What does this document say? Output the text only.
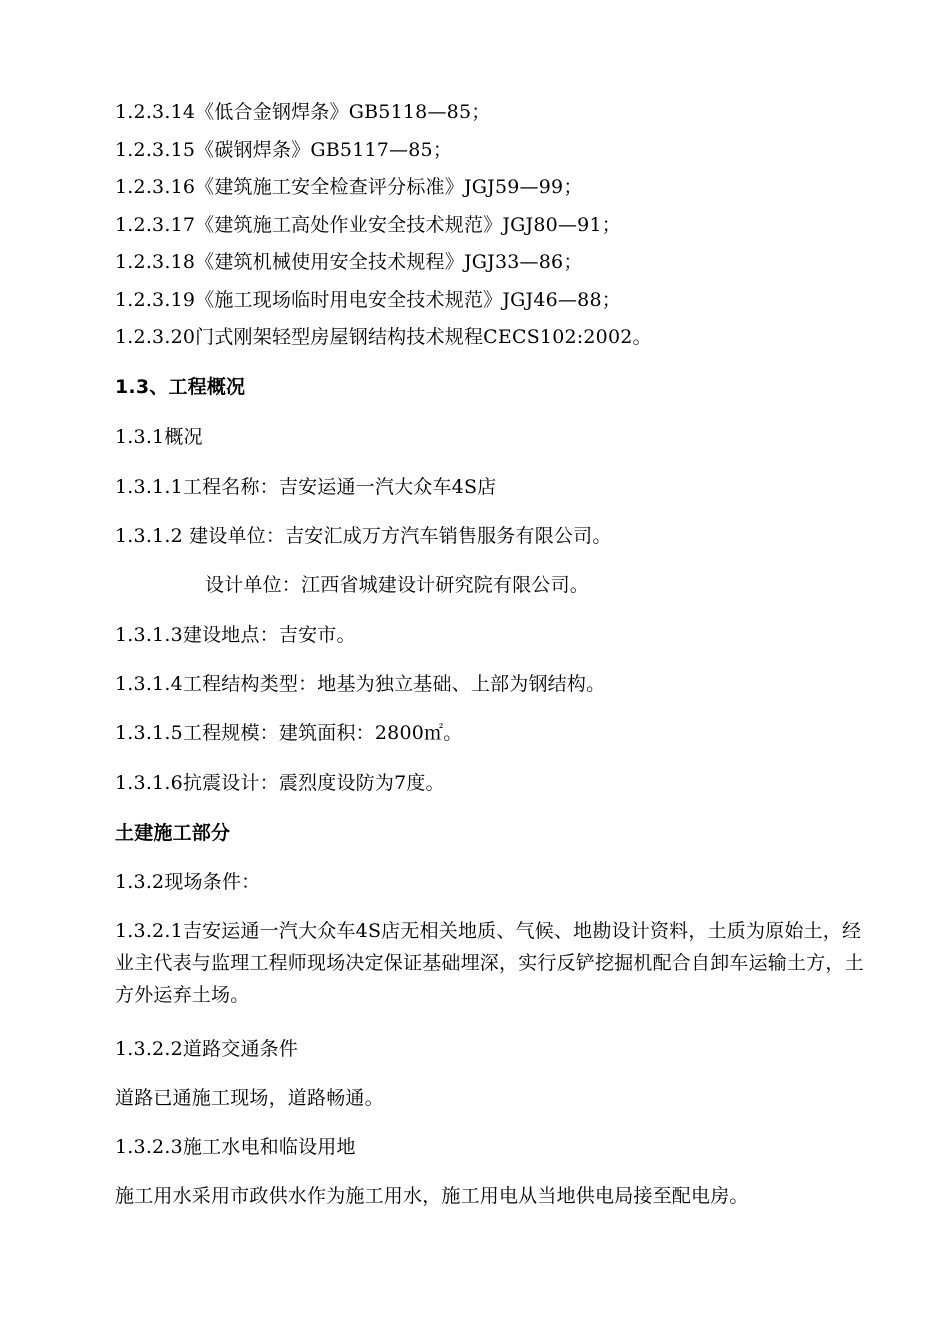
1.2.3.14《低合金钢焊条》GB5118—85；
1.2.3.15《碳钢焊条》GB5117—85；
1.2.3.16《建筑施工安全检查评分标准》JGJ59—99；
1.2.3.17《建筑施工高处作业安全技术规范》JGJ80—91；
1.2.3.18《建筑机械使用安全技术规程》JGJ33—86；
1.2.3.19《施工现场临时用电安全技术规范》JGJ46—88；
1.2.3.20门式刚架轻型房屋钢结构技术规程CECS102:2002。
1.3、工程概况
1.3.1概况
1.3.1.1工程名称：吉安运通一汽大众车4S店
1.3.1.2 建设单位：吉安汇成万方汽车销售服务有限公司。
设计单位：江西省城建设计研究院有限公司。
1.3.1.3建设地点：吉安市。
1.3.1.4工程结构类型：地基为独立基础、上部为钢结构。
1.3.1.5工程规模：建筑面积：2800㎡。
1.3.1.6抗震设计：震烈度设防为7度。
土建施工部分
1.3.2现场条件：
1.3.2.1吉安运通一汽大众车4S店无相关地质、气候、地勘设计资料，土质为原始土，经业主代表与监理工程师现场决定保证基础埋深，实行反铲挖掘机配合自卸车运输土方，土方外运弃土场。
1.3.2.2道路交通条件
道路已通施工现场，道路畅通。
1.3.2.3施工水电和临设用地
施工用水采用市政供水作为施工用水，施工用电从当地供电局接至配电房。
